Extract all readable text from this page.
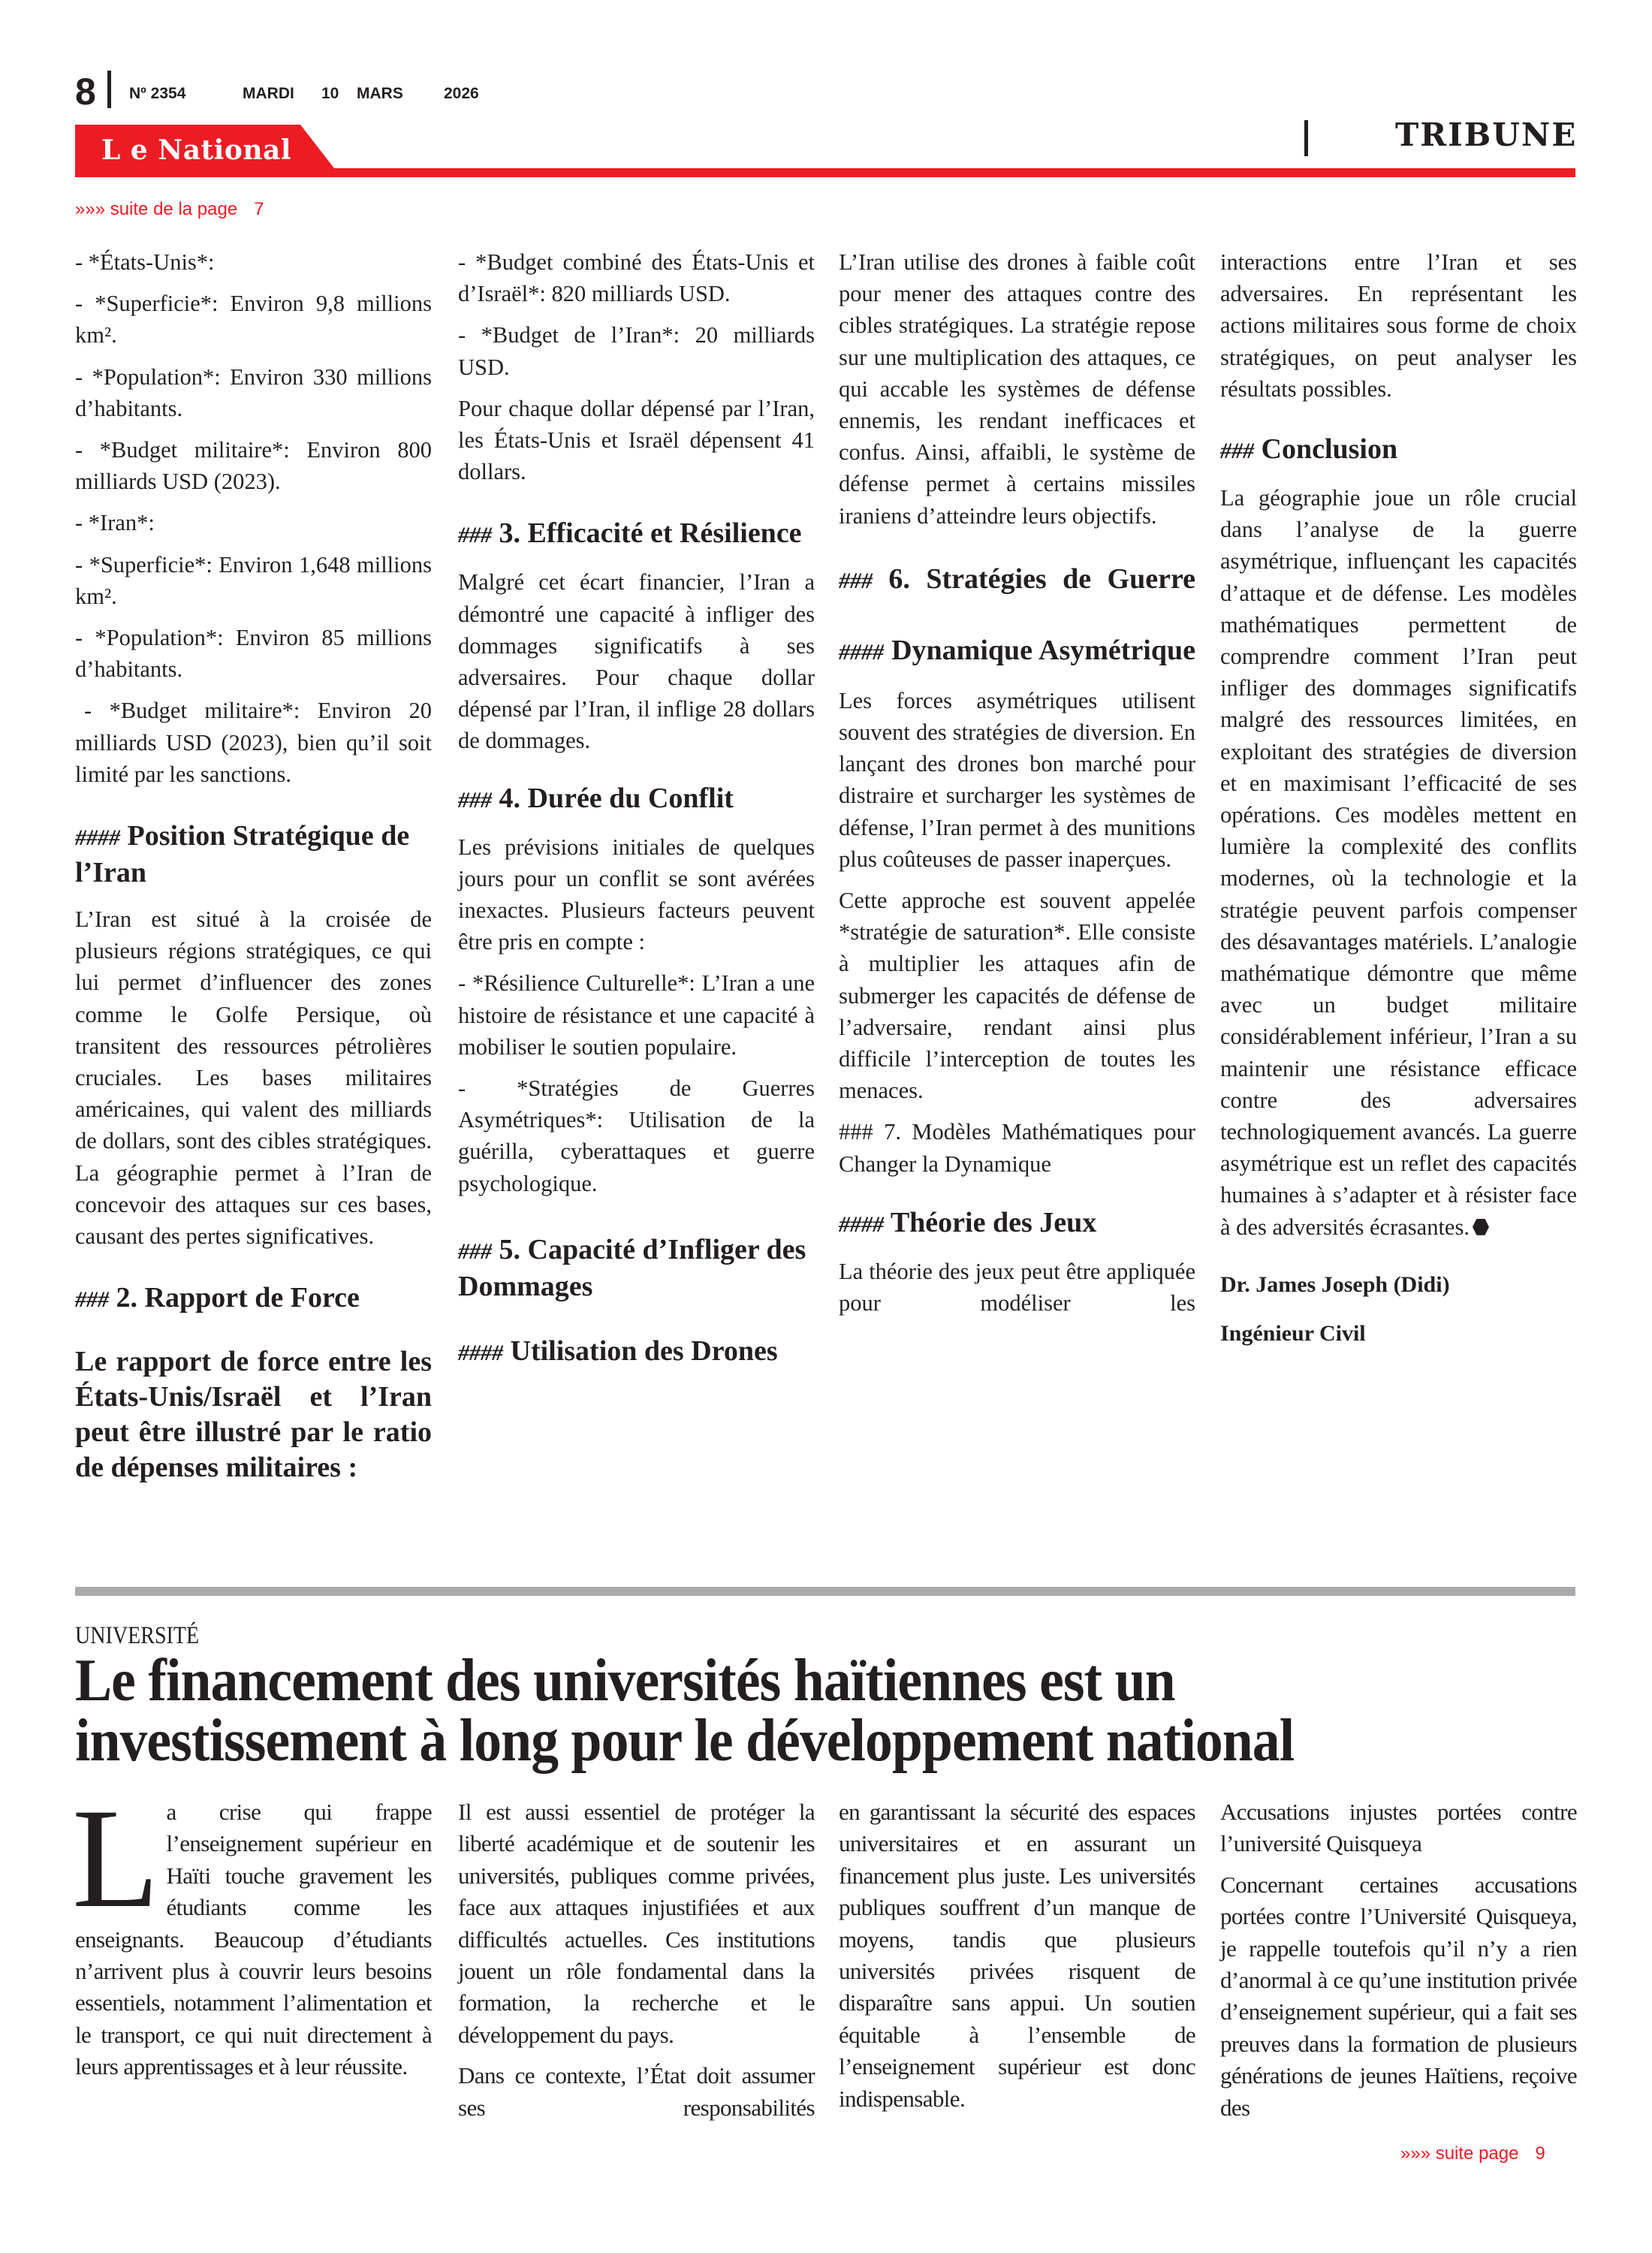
8 Nº 2354	MARDI 10 MARS	2026
L e National	TRIBUNE
»»» suite de la page 7

- *États-Unis*:

- *Superficie*: Environ 9,8 millions km².

- *Population*: Environ 330 millions d’habitants.

- *Budget militaire*: Environ 800 milliards USD (2023).

- *Iran*:

- *Superficie*: Environ 1,648 millions km².

- *Population*: Environ 85 millions d’habitants.

- *Budget militaire*: Environ 20 milliards USD (2023), bien qu’il soit limité par les sanctions.

#### Position Stratégique de l’Iran

L’Iran est situé à la croisée de plusieurs régions stratégiques, ce qui lui permet d’influencer des zones comme le Golfe Persique, où transitent des ressources pétrolières cruciales. Les bases militaires américaines, qui valent des milliards de dollars, sont des cibles stratégiques. La géographie permet à l’Iran de concevoir des attaques sur ces bases, causant des pertes significatives.

### 2. Rapport de Force

Le rapport de force entre les États-Unis/Israël et l’Iran peut être illustré par le ratio de dépenses militaires :

- *Budget combiné des États-Unis et d’Israël*: 820 milliards USD.

- *Budget de l’Iran*: 20 milliards USD.

Pour chaque dollar dépensé par l’Iran, les États-Unis et Israël dépensent 41 dollars.

### 3. Efficacité et Résilience

Malgré cet écart financier, l’Iran a démontré une capacité à infliger des dommages significatifs à ses adversaires. Pour chaque dollar dépensé par l’Iran, il inflige 28 dollars de dommages.

### 4. Durée du Conflit

Les prévisions initiales de quelques jours pour un conflit se sont avérées inexactes. Plusieurs facteurs peuvent être pris en compte :

- *Résilience Culturelle*: L’Iran a une histoire de résistance et une capacité à mobiliser le soutien populaire.

- *Stratégies de Guerres Asymétriques*: Utilisation de la guérilla, cyberattaques et guerre psychologique.

### 5. Capacité d’Infliger des Dommages
#### Utilisation des Drones

L’Iran utilise des drones à faible coût pour mener des attaques contre des cibles stratégiques. La stratégie repose sur une multiplication des attaques, ce qui accable les systèmes de défense ennemis, les rendant inefficaces et confus. Ainsi, affaibli, le système de défense permet à certains missiles iraniens d’atteindre leurs objectifs.

### 6. Stratégies de Guerre
#### Dynamique Asymétrique

Les forces asymétriques utilisent souvent des stratégies de diversion. En lançant des drones bon marché pour distraire et surcharger les systèmes de défense, l’Iran permet à des munitions plus coûteuses de passer inaperçues.

Cette approche est souvent appelée *stratégie de saturation*. Elle consiste à multiplier les attaques afin de submerger les capacités de défense de l’adversaire, rendant ainsi plus difficile l’interception de toutes les menaces.

### 7. Modèles Mathématiques pour Changer la Dynamique

#### Théorie des Jeux

La théorie des jeux peut être appliquée pour modéliser les

interactions entre l’Iran et ses adversaires. En représentant les actions militaires sous forme de choix stratégiques, on peut analyser les résultats possibles.

### Conclusion

La géographie joue un rôle crucial dans l’analyse de la guerre asymétrique, influençant les capacités d’attaque et de défense. Les modèles mathématiques permettent de comprendre comment l’Iran peut infliger des dommages significatifs malgré des ressources limitées, en exploitant des stratégies de diversion et en maximisant l’efficacité de ses opérations. Ces modèles mettent en lumière la complexité des conflits modernes, où la technologie et la stratégie peuvent parfois compenser des désavantages matériels. L’analogie mathématique démontre que même avec un budget militaire considérablement inférieur, l’Iran a su maintenir une résistance efficace contre des adversaires technologiquement avancés. La guerre asymétrique est un reflet des capacités humaines à s’adapter et à résister face à des adversités écrasantes.

Dr. James Joseph (Didi)

Ingénieur Civil

UNIVERSITÉ
Le financement des universités haïtiennes est un
investissement à long pour le développement national

La crise qui frappe l’enseignement supérieur en Haïti touche gravement les étudiants comme les enseignants. Beaucoup d’étudiants n’arrivent plus à couvrir leurs besoins essentiels, notamment l’alimentation et le transport, ce qui nuit directement à leurs apprentissages et à leur réussite.

Il est aussi essentiel de protéger la liberté académique et de soutenir les universités, publiques comme privées, face aux attaques injustifiées et aux difficultés actuelles. Ces institutions jouent un rôle fondamental dans la formation, la recherche et le développement du pays.

Dans ce contexte, l’État doit assumer ses responsabilités

en garantissant la sécurité des espaces universitaires et en assurant un financement plus juste. Les universités publiques souffrent d’un manque de moyens, tandis que plusieurs universités privées risquent de disparaître sans appui. Un soutien équitable à l’ensemble de l’enseignement supérieur est donc indispensable.

Accusations injustes portées contre l’université Quisqueya

Concernant certaines accusations portées contre l’Université Quisqueya, je rappelle toutefois qu’il n’y a rien d’anormal à ce qu’une institution privée d’enseignement supérieur, qui a fait ses preuves dans la formation de plusieurs générations de jeunes Haïtiens, reçoive des

»»» suite page 9
